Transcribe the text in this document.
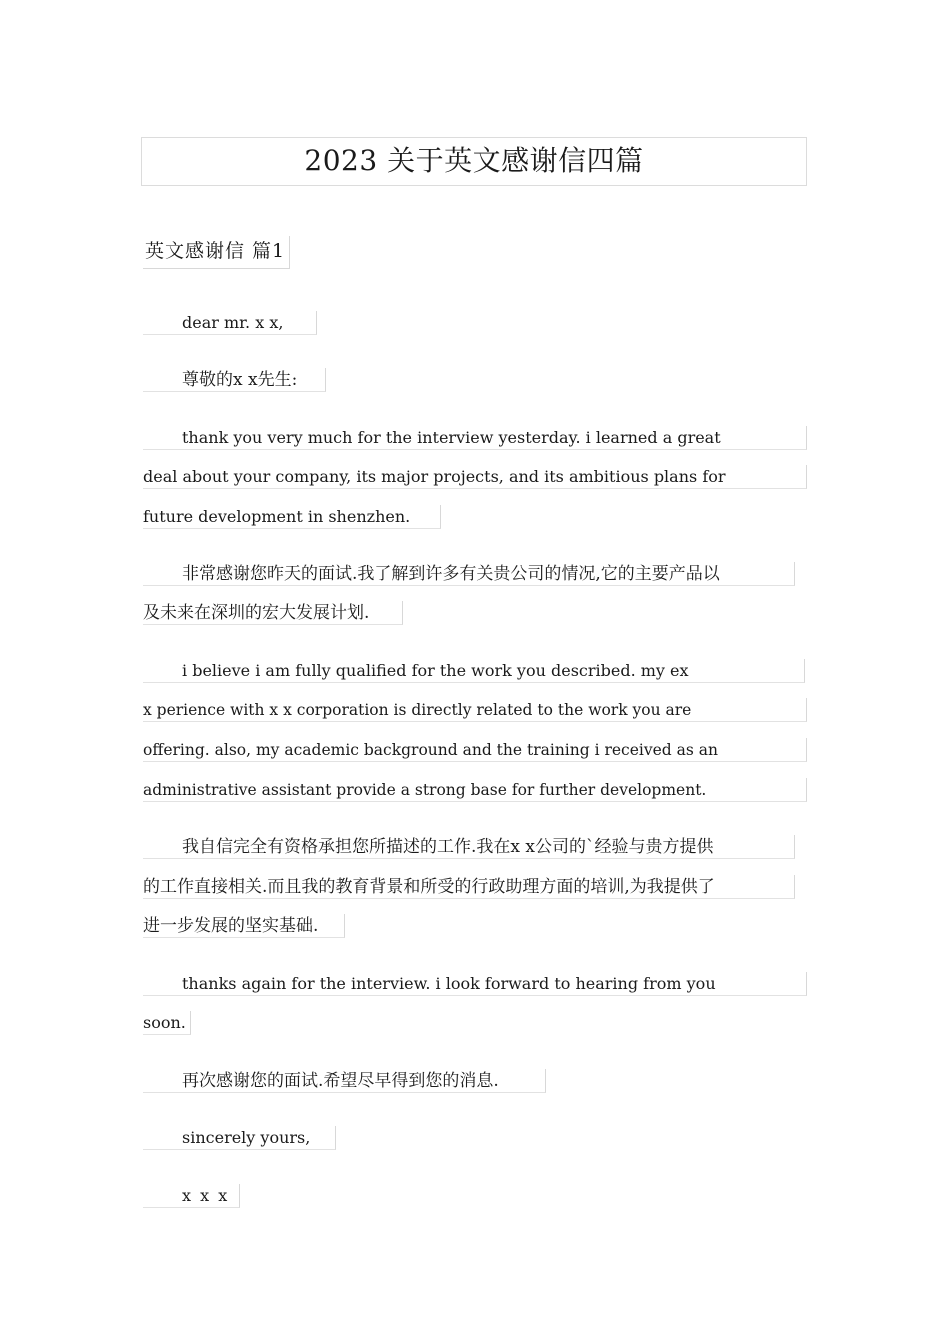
2023 关于英文感谢信四篇
英文感谢信 篇1
dear mr. x x,
尊敬的x x先生:
thank you very much for the interview yesterday. i learned a great
deal about your company, its major projects, and its ambitious plans for
future development in shenzhen.
非常感谢您昨天的面试.我了解到许多有关贵公司的情况,它的主要产品以
及未来在深圳的宏大发展计划.
i believe i am fully qualified for the work you described. my ex
x perience with x x corporation is directly related to the work you are
offering. also, my academic background and the training i received as an
administrative assistant provide a strong base for further development.
我自信完全有资格承担您所描述的工作.我在x x公司的`经验与贵方提供
的工作直接相关.而且我的教育背景和所受的行政助理方面的培训,为我提供了
进一步发展的坚实基础.
thanks again for the interview. i look forward to hearing from you
soon.
再次感谢您的面试.希望尽早得到您的消息.
sincerely yours,
x x x
